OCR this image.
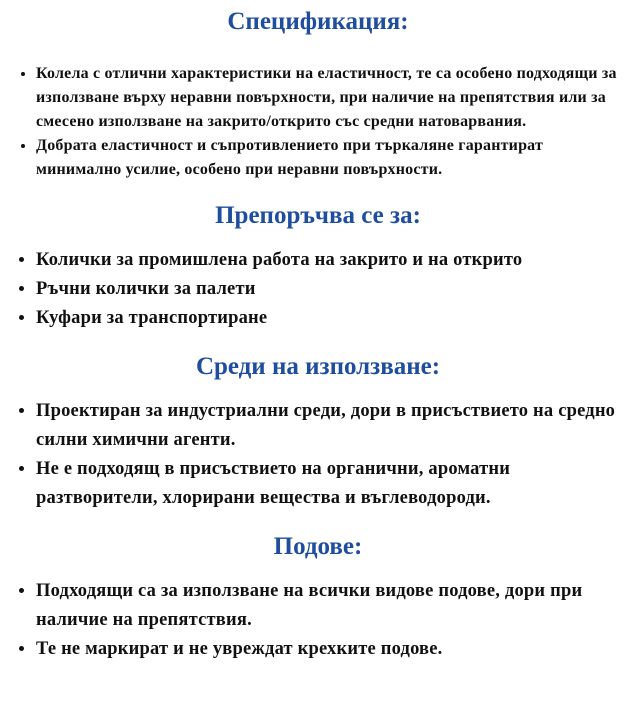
Спецификация:
• Колела с отлични характеристики на еластичност, те са особено подходящи за използване върху неравни повърхности, при наличие на препятствия или за смесено използване на закрито/открито със средни натоварвания.
• Добрата еластичност и съпротивлението при търкаляне гарантират минимално усилие, особено при неравни повърхности.
Препоръчва се за:
• Колички за промишлена работа на закрито и на открито
• Ръчни колички за палети
• Куфари за транспортиране
Среди на използване:
• Проектиран за индустриални среди, дори в присъствието на средно силни химични агенти.
• Не е подходящ в присъствието на органични, ароматни разтворители, хлорирани вещества и въглеводороди.
Подове:
• Подходящи са за използване на всички видове подове, дори при наличие на препятствия.
• Те не маркират и не увреждат крехките подове.
